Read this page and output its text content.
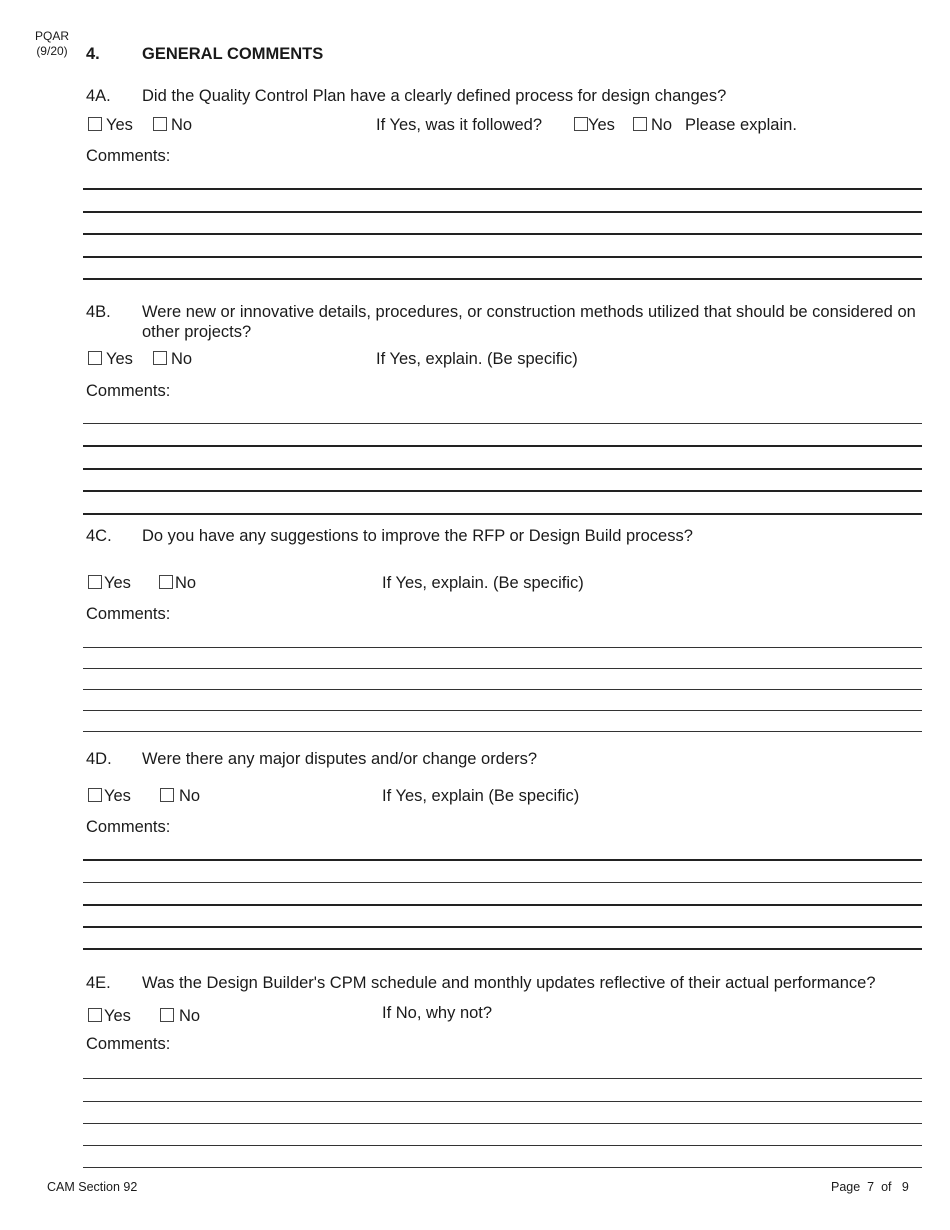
PQAR
(9/20) 4.	GENERAL COMMENTS
4A. Did the Quality Control Plan have a clearly defined process for design changes?
Yes	No	If Yes, was it followed?	Yes	No Please explain.
Comments:
4B. Were new or innovative details, procedures, or construction methods utilized that should be considered on other projects?
Yes	No	If Yes, explain. (Be specific)
Comments:
4C. Do you have any suggestions to improve the RFP or Design Build process?
Yes	No	If Yes, explain. (Be specific)
Comments:
4D. Were there any major disputes and/or change orders?
Yes	No	If Yes, explain (Be specific)
Comments:
4E. Was the Design Builder's CPM schedule and monthly updates reflective of their actual performance?
Yes	No	If No, why not?
Comments:
CAM Section 92	Page 7 of 9
